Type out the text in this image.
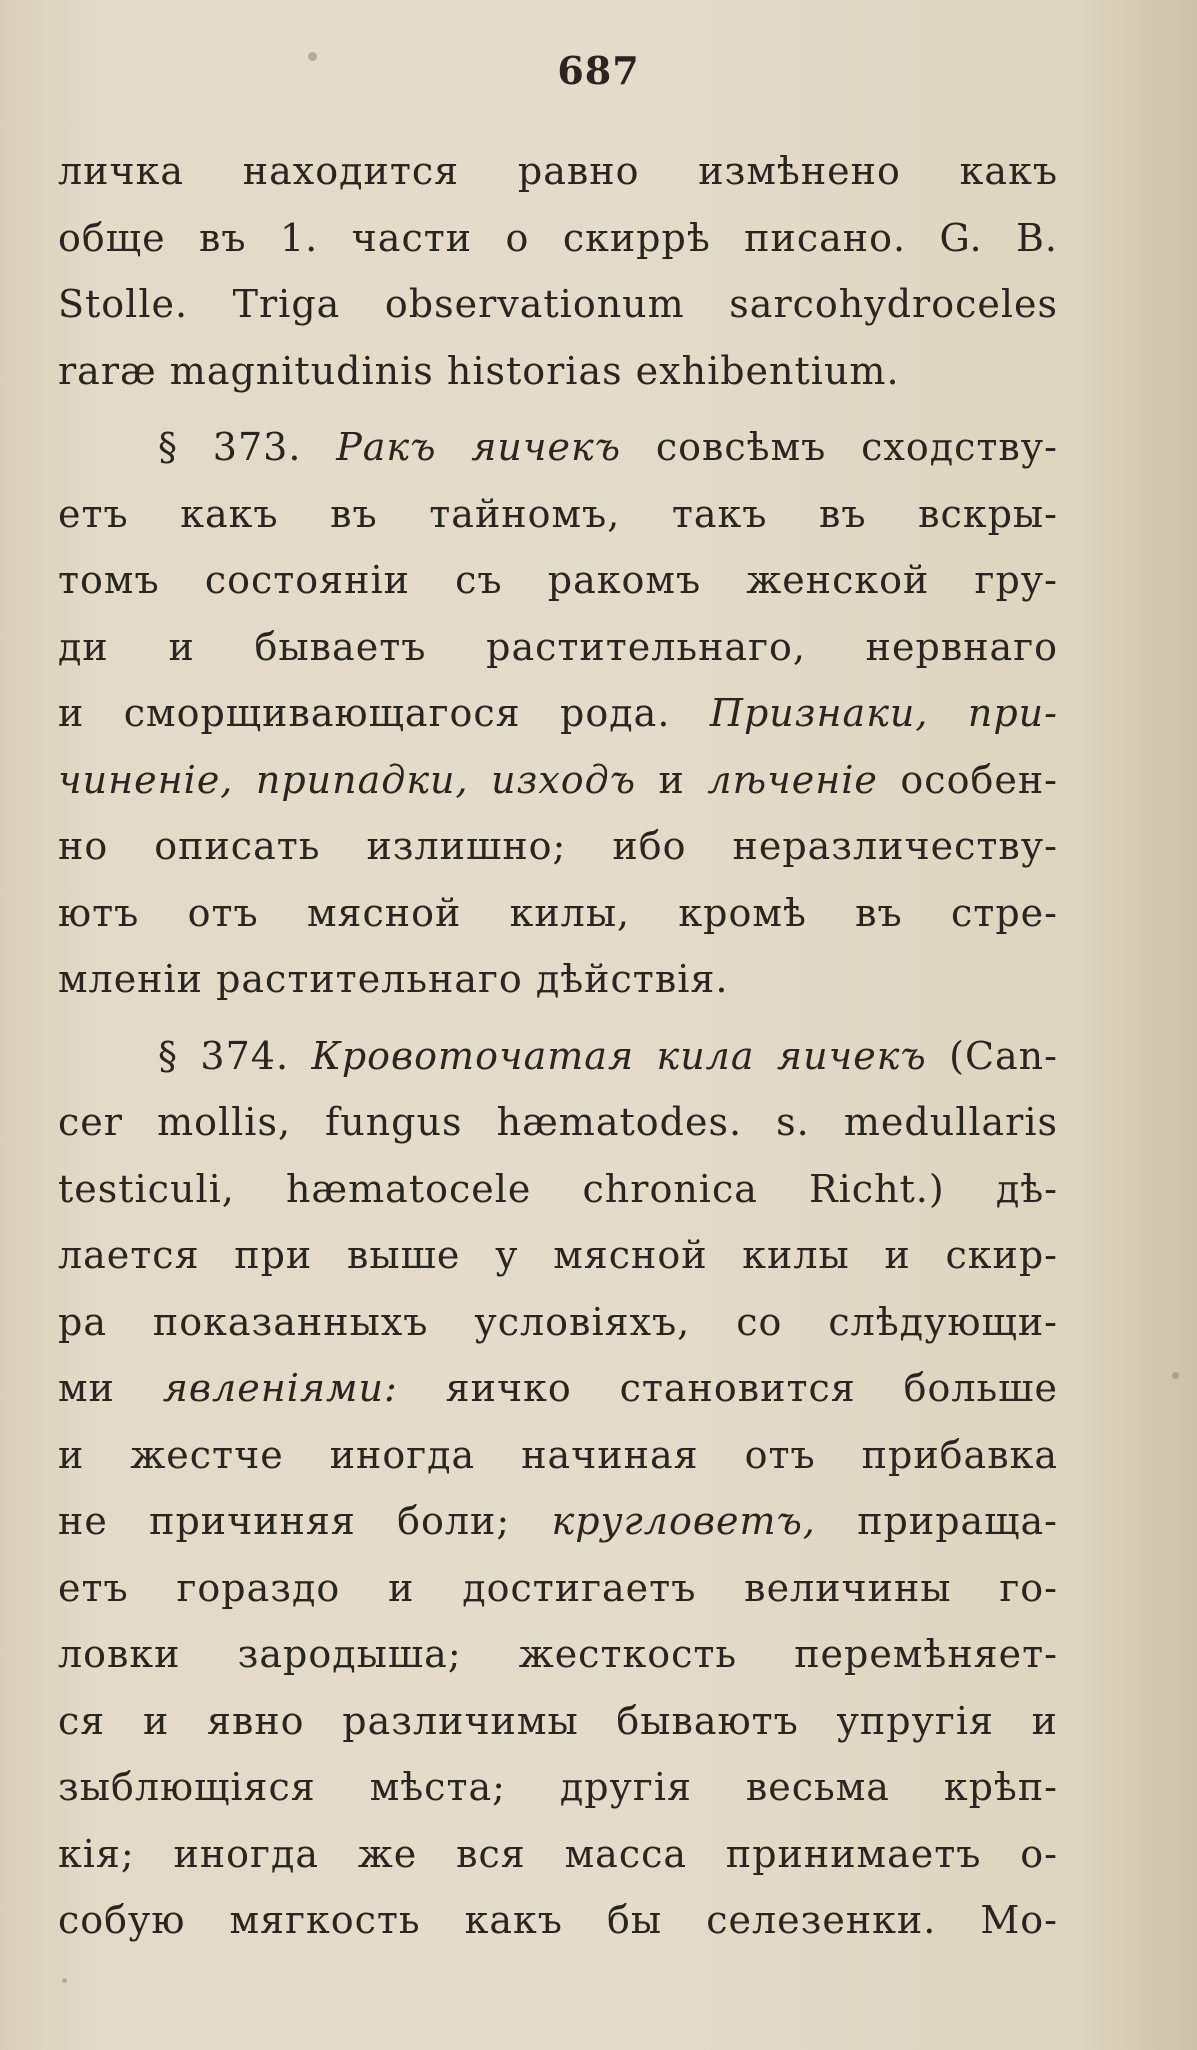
687
личка находится равно измѣнено какъ
обще въ 1. части о скиррѣ писано. G. B.
Stolle. Triga observationum sarcohydroceles
raræ magnitudinis historias exhibentium.
§ 373. Ракъ яичекъ совсѣмъ сходству-
етъ какъ въ тайномъ, такъ въ вскры-
томъ состояніи съ ракомъ женской гру-
ди и бываетъ растительнаго, нервнаго
и сморщивающагося рода. Признаки, при-
чиненіе, припадки, изходъ и лѣченіе особен-
но описать излишно; ибо неразличеству-
ютъ отъ мясной килы, кромѣ въ стре-
мленіи растительнаго дѣйствія.
§ 374. Кровоточатая кила яичекъ (Can-
cer mollis, fungus hæmatodes. s. medullaris
testiculi, hæmatocele chronica Richt.) дѣ-
лается при выше у мясной килы и скир-
ра показанныхъ условіяхъ, со слѣдующи-
ми явленіями: яичко становится больше
и жестче иногда начиная отъ прибавка
не причиняя боли; кругловетъ, приращa-
етъ гораздо и достигаетъ величины го-
ловки зародыша; жесткость перемѣняет-
ся и явно различимы бываютъ упругія и
зыблющіяся мѣста; другія весьма крѣп-
кія; иногда же вся масса принимаетъ о-
собую мягкость какъ бы селезенки. Мо-
